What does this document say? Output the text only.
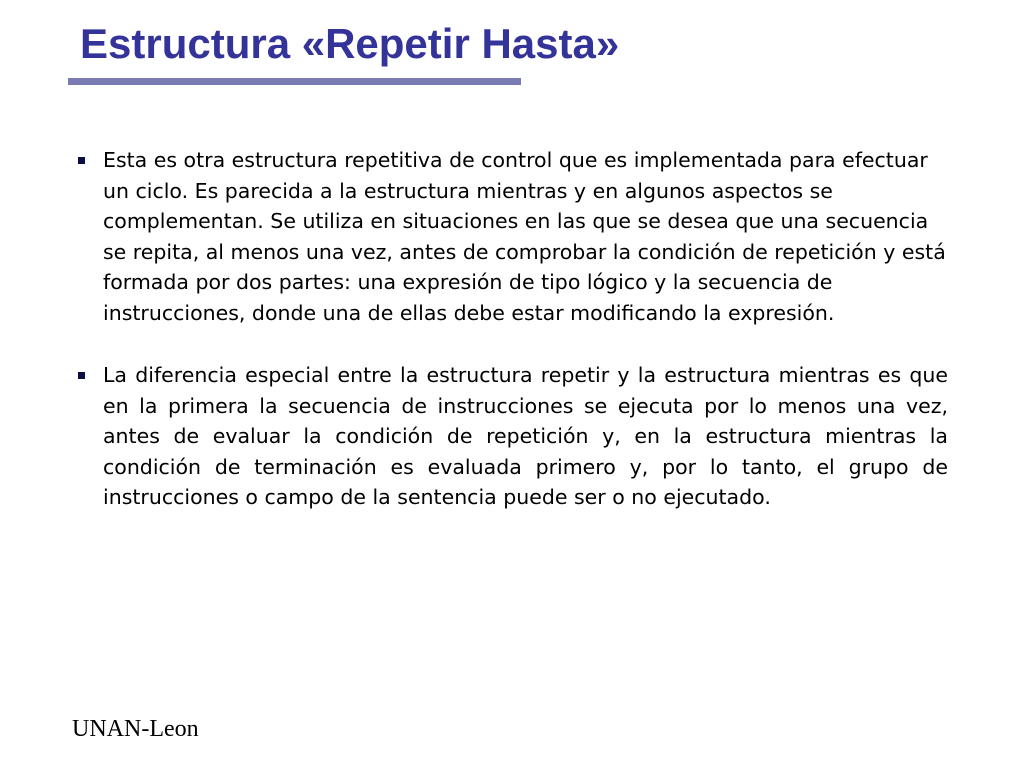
Estructura «Repetir Hasta»
Esta es otra estructura repetitiva de control que es implementada para efectuar un ciclo. Es parecida a la estructura mientras y en algunos aspectos se complementan. Se utiliza en situaciones en las que se desea que una secuencia se repita, al menos una vez, antes de comprobar la condición de repetición y está formada por dos partes: una expresión de tipo lógico y la secuencia de instrucciones, donde una de ellas debe estar modificando la expresión.
La diferencia especial entre la estructura repetir y la estructura mientras es que en la primera la secuencia de instrucciones se ejecuta por lo menos una vez, antes de evaluar la condición de repetición y, en la estructura mientras la condición de terminación es evaluada primero y, por lo tanto, el grupo de instrucciones o campo de la sentencia puede ser o no ejecutado.
UNAN-Leon
